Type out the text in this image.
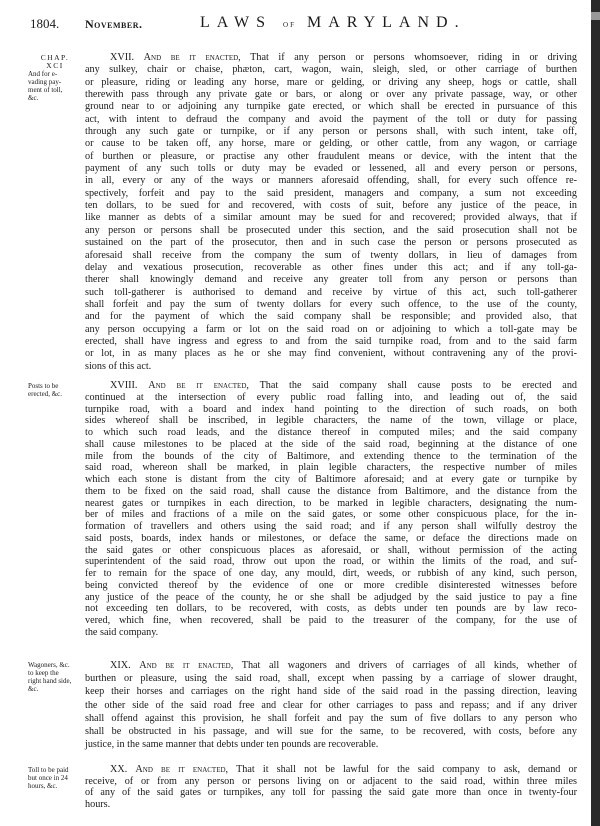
1804. November.	LAWS of MARYLAND.
CHAP.
XCI
And for e-
vading pay-
ment of toll,
&c.
XVII. And be it enacted, That if any person or persons whomsoever, riding in or driving
any sulkey, chair or chaise, phæton, cart, wagon, wain, sleigh, sled, or other carriage of burthen
or pleasure, riding or leading any horse, mare or gelding, or driving any sheep, hogs or cattle, shall
therewith pass through any private gate or bars, or along or over any private passage, way, or other
ground near to or adjoining any turnpike gate erected, or which shall be erected in pursuance of this
act, with intent to defraud the company and avoid the payment of the toll or duty for passing
through any such gate or turnpike, or if any person or persons shall, with such intent, take off,
or cause to be taken off, any horse, mare or gelding, or other cattle, from any wagon, or carriage
of burthen or pleasure, or practise any other fraudulent means or device, with the intent that the
payment of any such tolls or duty may be evaded or lessened, all and every person or persons,
in all, every or any of the ways or manners aforesaid offending, shall, for every such offence re-
spectively, forfeit and pay to the said president, managers and company, a sum not exceeding
ten dollars, to be sued for and recovered, with costs of suit, before any justice of the peace, in
like manner as debts of a similar amount may be sued for and recovered; provided always, that if
any person or persons shall be prosecuted under this section, and the said prosecution shall not be
sustained on the part of the prosecutor, then and in such case the person or persons prosecuted as
aforesaid shall receive from the company the sum of twenty dollars, in lieu of damages from
delay and vexatious prosecution, recoverable as other fines under this act; and if any toll-ga-
therer shall knowingly demand and receive any greater toll from any person or persons than
such toll-gatherer is authorised to demand and receive by virtue of this act, such toll-gatherer
shall forfeit and pay the sum of twenty dollars for every such offence, to the use of the county,
and for the payment of which the said company shall be responsible; and provided also, that
any person occupying a farm or lot on the said road on or adjoining to which a toll-gate may be
erected, shall have ingress and egress to and from the said turnpike road, from and to the said farm
or lot, in as many places as he or she may find convenient, without contravening any of the provi-
sions of this act.
Posts to be
erected, &c.
XVIII. And be it enacted, That the said company shall cause posts to be erected and
continued at the intersection of every public road falling into, and leading out of, the said
turnpike road, with a board and index hand pointing to the direction of such roads, on both
sides whereof shall be inscribed, in legible characters, the name of the town, village or place,
to which such road leads, and the distance thereof in computed miles; and the said company
shall cause milestones to be placed at the side of the said road, beginning at the distance of one
mile from the bounds of the city of Baltimore, and extending thence to the termination of the
said road, whereon shall be marked, in plain legible characters, the respective number of miles
which each stone is distant from the city of Baltimore aforesaid; and at every gate or turnpike by
them to be fixed on the said road, shall cause the distance from Baltimore, and the distance from the
nearest gates or turnpikes in each direction, to be marked in legible characters, designating the num-
ber of miles and fractions of a mile on the said gates, or some other conspicuous place, for the in-
formation of travellers and others using the said road; and if any person shall wilfully destroy the
said posts, boards, index hands or milestones, or deface the same, or deface the directions made on
the said gates or other conspicuous places as aforesaid, or shall, without permission of the acting
superintendent of the said road, throw out upon the road, or within the limits of the road, and suf-
fer to remain for the space of one day, any mould, dirt, weeds, or rubbish of any kind, such person,
being convicted thereof by the evidence of one or more credible disinterested witnesses before
any justice of the peace of the county, he or she shall be adjudged by the said justice to pay a fine
not exceeding ten dollars, to be recovered, with costs, as debts under ten pounds are by law reco-
vered, which fine, when recovered, shall be paid to the treasurer of the company, for the use of
the said company.
Wagoners, &c.
to keep the
right hand side,
&c.
XIX. And be it enacted, That all wagoners and drivers of carriages of all kinds, whether of
burthen or pleasure, using the said road, shall, except when passing by a carriage of slower draught,
keep their horses and carriages on the right hand side of the said road in the passing direction, leaving
the other side of the said road free and clear for other carriages to pass and repass; and if any driver
shall offend against this provision, he shall forfeit and pay the sum of five dollars to any person who
shall be obstructed in his passage, and will sue for the same, to be recovered, with costs, before any
justice, in the same manner that debts under ten pounds are recoverable.
Toll to be paid
but once in 24
hours, &c.
XX. And be it enacted, That it shall not be lawful for the said company to ask, demand or
receive, of or from any person or persons living on or adjacent to the said road, within three miles
of any of the said gates or turnpikes, any toll for passing the said gate more than once in twenty-four
hours.
